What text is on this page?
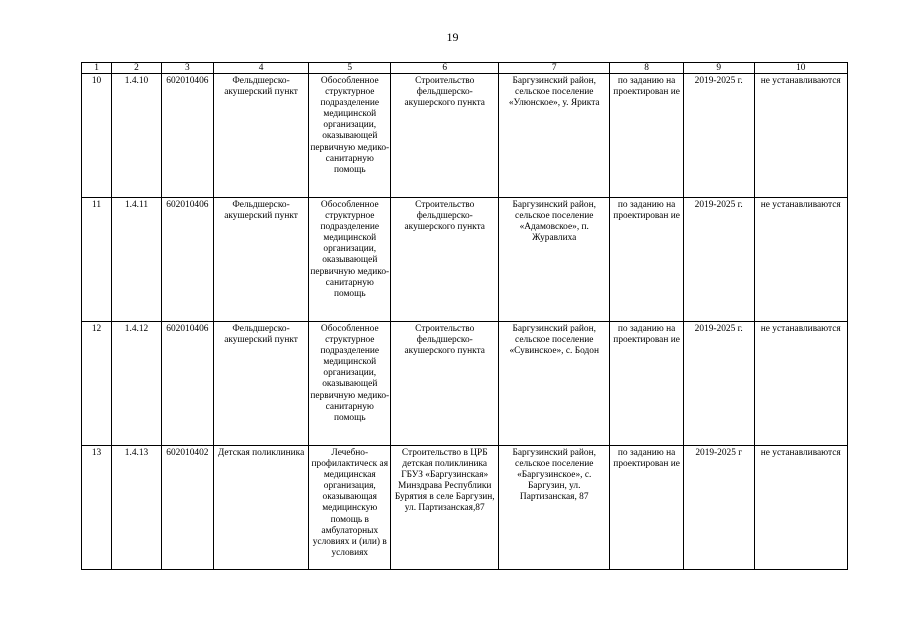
19
1	2	3	4	5	6	7	8	9	10
10	1.4.10	602010406	Фельдшерско-акушерский пункт	Обособленное структурное подразделение медицинской организации, оказывающей первичную медико-санитарную помощь	Строительство фельдшерско-акушерского пункта	Баргузинский район, сельское поселение «Улюнское», у. Ярикта	по заданию на проектирован ие	2019-2025 г.	не устанавливаются
11	1.4.11	602010406	Фельдшерско-акушерский пункт	Обособленное структурное подразделение медицинской организации, оказывающей первичную медико-санитарную помощь	Строительство фельдшерско-акушерского пункта	Баргузинский район, сельское поселение «Адамовское», п. Журавлиха	по заданию на проектирован ие	2019-2025 г.	не устанавливаются
12	1.4.12	602010406	Фельдшерско-акушерский пункт	Обособленное структурное подразделение медицинской организации, оказывающей первичную медико-санитарную помощь	Строительство фельдшерско-акушерского пункта	Баргузинский район, сельское поселение «Сувинское», с. Бодон	по заданию на проектирован ие	2019-2025 г.	не устанавливаются
13	1.4.13	602010402	Детская поликлиника	Лечебно-профилактическ ая медицинская организация, оказывающая медицинскую помощь в амбулаторных условиях и (или) в условиях	Строительство в ЦРБ детская поликлиника ГБУЗ «Баргузинская» Минздрава Республики Бурятия в селе Баргузин, ул. Партизанская,87	Баргузинский район, сельское поселение «Баргузинское», с. Баргузин, ул. Партизанская, 87	по заданию на проектирован ие	2019-2025 г	не устанавливаются
